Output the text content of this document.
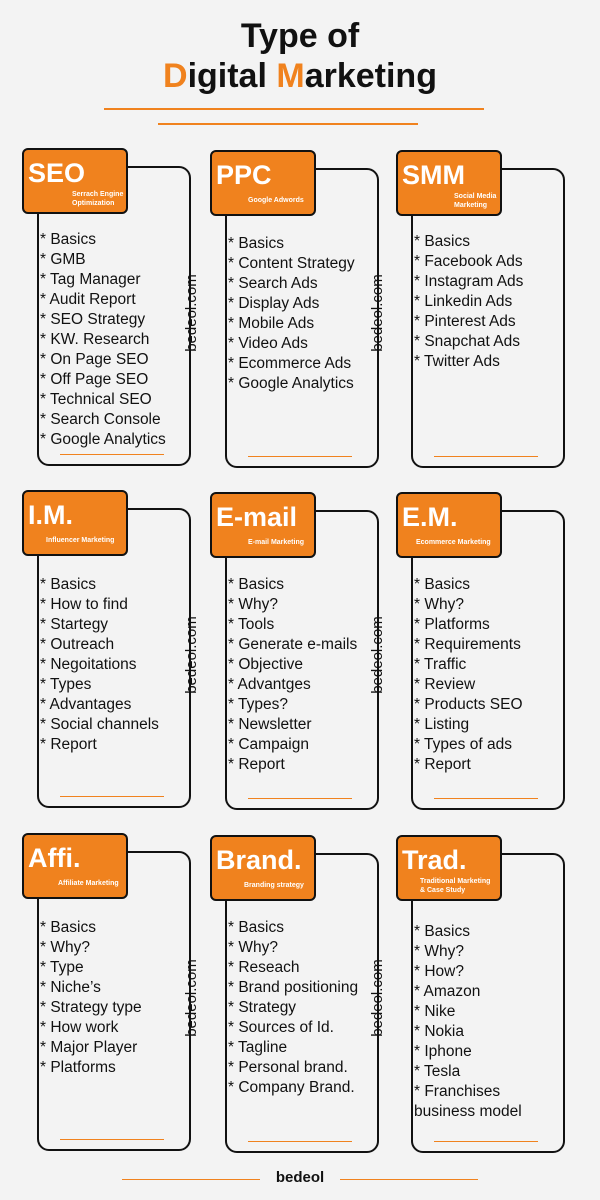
Type of
Digital Marketing
bedeol
SEO
Serrach Engine
Optimization
* Basics
* GMB
* Tag Manager
* Audit Report
* SEO Strategy
* KW. Research
* On Page SEO
* Off Page SEO
* Technical SEO
* Search Console
* Google Analytics
PPC
Google Adwords
* Basics
* Content Strategy
* Search Ads
* Display Ads
* Mobile Ads
* Video Ads
* Ecommerce Ads
* Google Analytics
bedeol.com
SMM
Social Media
Marketing
* Basics
* Facebook Ads
* Instagram Ads
* Linkedin Ads
* Pinterest Ads
* Snapchat Ads
* Twitter Ads
bedeol.com
I.M.
Influencer Marketing
* Basics
* How to find
* Startegy
* Outreach
* Negoitations
* Types
* Advantages
* Social channels
* Report
E-mail
E-mail Marketing
* Basics
* Why?
* Tools
* Generate e-mails
* Objective
* Advantges
* Types?
* Newsletter
* Campaign
* Report
bedeol.com
E.M.
Ecommerce Marketing
* Basics
* Why?
* Platforms
* Requirements
* Traffic
* Review
* Products SEO
* Listing
* Types of ads
* Report
bedeol.com
Affi.
Affiliate Marketing
* Basics
* Why?
* Type
* Niche’s
* Strategy type
* How work
* Major Player
* Platforms
Brand.
Branding strategy
* Basics
* Why?
* Reseach
* Brand positioning
* Strategy
* Sources of Id.
* Tagline
* Personal brand.
* Company Brand.
bedeol.com
Trad.
Traditional Marketing
& Case Study
* Basics
* Why?
* How?
* Amazon
* Nike
* Nokia
* Iphone
* Tesla
* Franchises
business model
bedeol.com
